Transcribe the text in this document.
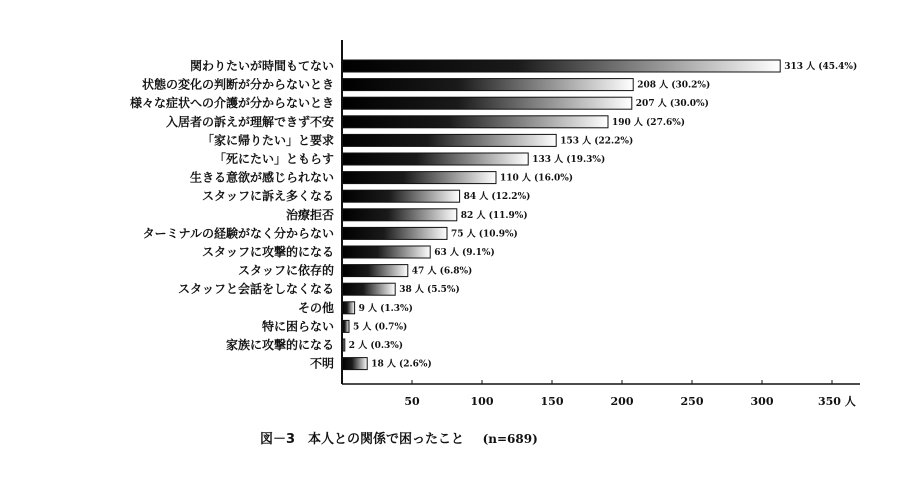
関わりたいが時間もてない	313 人 (45.4%)
状態の変化の判断が分からないとき	208 人 (30.2%)
様々な症状への介護が分からないとき	207 人 (30.0%)
入居者の訴えが理解できず不安	190 人 (27.6%)
「家に帰りたい」と要求	153 人 (22.2%)
「死にたい」ともらす	133 人 (19.3%)
生きる意欲が感じられない	110 人 (16.0%)
スタッフに訴え多くなる	84 人 (12.2%)
治療拒否	82 人 (11.9%)
ターミナルの経験がなく分からない	75 人 (10.9%)
スタッフに攻撃的になる	63 人 (9.1%)
スタッフに依存的	47 人 (6.8%)
スタッフと会話をしなくなる	38 人 (5.5%)
その他	9 人 (1.3%)
特に困らない 5 人 (0.7%)
家族に攻撃的になる 2 人 (0.3%)
不明	18 人 (2.6%)
50	100	150	200	250	300	350 人
図－3　本人との関係で困ったこと (n=689)
